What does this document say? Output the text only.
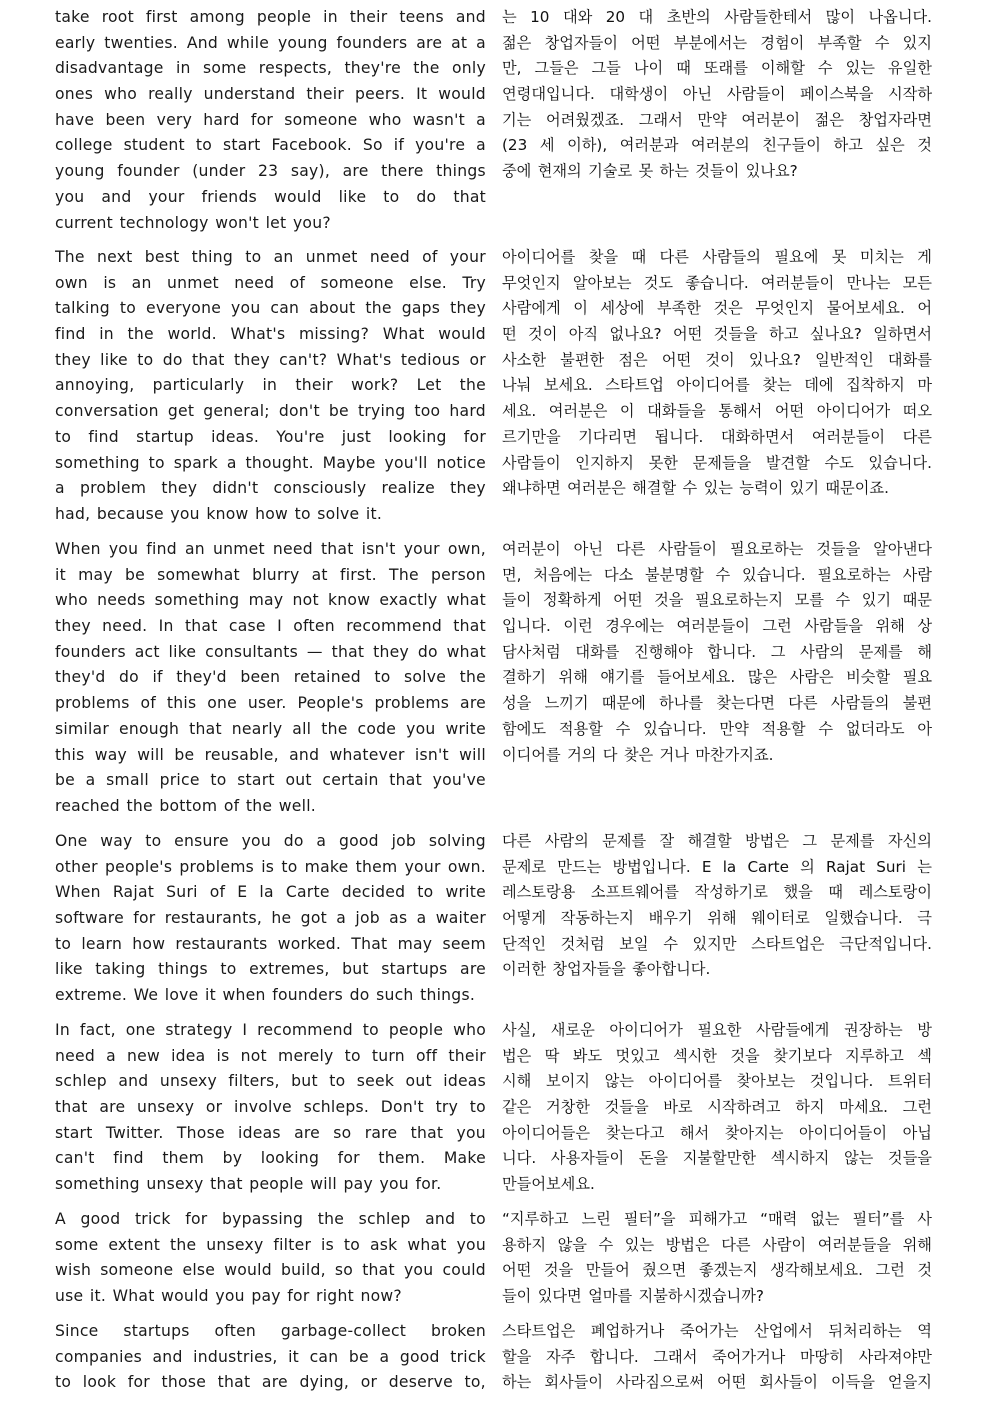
take root first among people in their teens and
early twenties. And while young founders are at a
disadvantage in some respects, they're the only
ones who really understand their peers. It would
have been very hard for someone who wasn't a
college student to start Facebook. So if you're a
young founder (under 23 say), are there things
you and your friends would like to do that
current technology won't let you?
는 10 대와 20 대 초반의 사람들한테서 많이 나옵니다.
젊은 창업자들이 어떤 부분에서는 경험이 부족할 수 있지
만, 그들은 그들 나이 때 또래를 이해할 수 있는 유일한
연령대입니다. 대학생이 아닌 사람들이 페이스북을 시작하
기는 어려웠겠죠. 그래서 만약 여러분이 젊은 창업자라면
(23 세 이하), 여러분과 여러분의 친구들이 하고 싶은 것
중에 현재의 기술로 못 하는 것들이 있나요?
The next best thing to an unmet need of your
own is an unmet need of someone else. Try
talking to everyone you can about the gaps they
find in the world. What's missing? What would
they like to do that they can't? What's tedious or
annoying, particularly in their work? Let the
conversation get general; don't be trying too hard
to find startup ideas. You're just looking for
something to spark a thought. Maybe you'll notice
a problem they didn't consciously realize they
had, because you know how to solve it.
아이디어를 찾을 때 다른 사람들의 필요에 못 미치는 게
무엇인지 알아보는 것도 좋습니다. 여러분들이 만나는 모든
사람에게 이 세상에 부족한 것은 무엇인지 물어보세요. 어
떤 것이 아직 없나요? 어떤 것들을 하고 싶나요? 일하면서
사소한 불편한 점은 어떤 것이 있나요? 일반적인 대화를
나눠 보세요. 스타트업 아이디어를 찾는 데에 집착하지 마
세요. 여러분은 이 대화들을 통해서 어떤 아이디어가 떠오
르기만을 기다리면 됩니다. 대화하면서 여러분들이 다른
사람들이 인지하지 못한 문제들을 발견할 수도 있습니다.
왜냐하면 여러분은 해결할 수 있는 능력이 있기 때문이죠.
When you find an unmet need that isn't your own,
it may be somewhat blurry at first. The person
who needs something may not know exactly what
they need. In that case I often recommend that
founders act like consultants — that they do what
they'd do if they'd been retained to solve the
problems of this one user. People's problems are
similar enough that nearly all the code you write
this way will be reusable, and whatever isn't will
be a small price to start out certain that you've
reached the bottom of the well.
여러분이 아닌 다른 사람들이 필요로하는 것들을 알아낸다
면, 처음에는 다소 불분명할 수 있습니다. 필요로하는 사람
들이 정확하게 어떤 것을 필요로하는지 모를 수 있기 때문
입니다. 이런 경우에는 여러분들이 그런 사람들을 위해 상
담사처럼 대화를 진행해야 합니다. 그 사람의 문제를 해
결하기 위해 얘기를 들어보세요. 많은 사람은 비슷할 필요
성을 느끼기 때문에 하나를 찾는다면 다른 사람들의 불편
함에도 적용할 수 있습니다. 만약 적용할 수 없더라도 아
이디어를 거의 다 찾은 거나 마찬가지죠.
One way to ensure you do a good job solving
other people's problems is to make them your own.
When Rajat Suri of E la Carte decided to write
software for restaurants, he got a job as a waiter
to learn how restaurants worked. That may seem
like taking things to extremes, but startups are
extreme. We love it when founders do such things.
다른 사람의 문제를 잘 해결할 방법은 그 문제를 자신의
문제로 만드는 방법입니다. E la Carte 의 Rajat Suri 는
레스토랑용 소프트웨어를 작성하기로 했을 때 레스토랑이
어떻게 작동하는지 배우기 위해 웨이터로 일했습니다. 극
단적인 것처럼 보일 수 있지만 스타트업은 극단적입니다.
이러한 창업자들을 좋아합니다.
In fact, one strategy I recommend to people who
need a new idea is not merely to turn off their
schlep and unsexy filters, but to seek out ideas
that are unsexy or involve schleps. Don't try to
start Twitter. Those ideas are so rare that you
can't find them by looking for them. Make
something unsexy that people will pay you for.
사실, 새로운 아이디어가 필요한 사람들에게 권장하는 방
법은 딱 봐도 멋있고 섹시한 것을 찾기보다 지루하고 섹
시해 보이지 않는 아이디어를 찾아보는 것입니다. 트위터
같은 거창한 것들을 바로 시작하려고 하지 마세요. 그런
아이디어들은 찾는다고 해서 찾아지는 아이디어들이 아닙
니다. 사용자들이 돈을 지불할만한 섹시하지 않는 것들을
만들어보세요.
A good trick for bypassing the schlep and to
some extent the unsexy filter is to ask what you
wish someone else would build, so that you could
use it. What would you pay for right now?
“지루하고 느린 필터”을 피해가고 “매력 없는 필터”를 사
용하지 않을 수 있는 방법은 다른 사람이 여러분들을 위해
어떤 것을 만들어 줬으면 좋겠는지 생각해보세요. 그런 것
들이 있다면 얼마를 지불하시겠습니까?
Since startups often garbage-collect broken
companies and industries, it can be a good trick
to look for those that are dying, or deserve to,
스타트업은 폐업하거나 죽어가는 산업에서 뒤처리하는 역
할을 자주 합니다. 그래서 죽어가거나 마땅히 사라져야만
하는 회사들이 사라짐으로써 어떤 회사들이 이득을 얻을지
